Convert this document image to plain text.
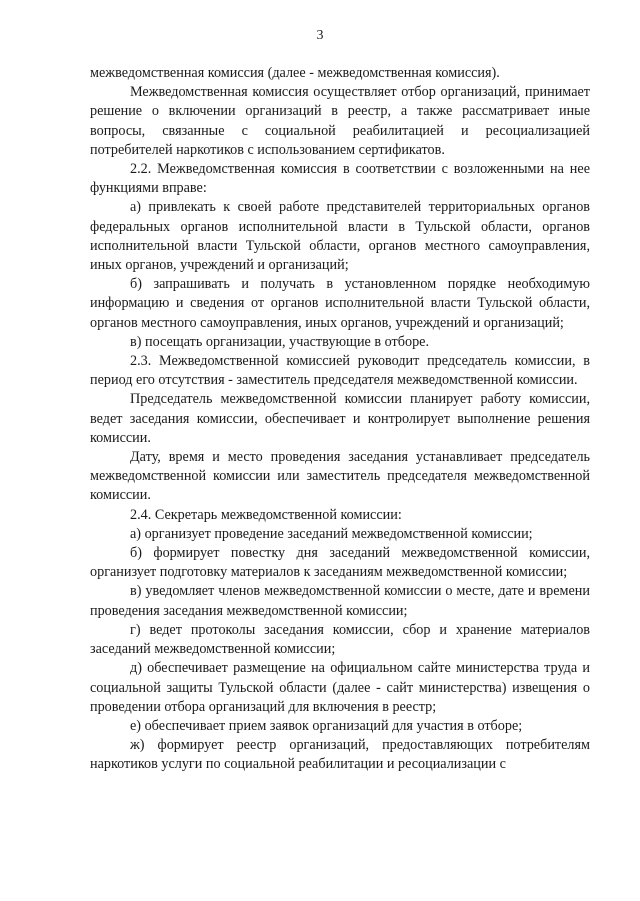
3

межведомственная комиссия (далее - межведомственная комиссия).

Межведомственная комиссия осуществляет отбор организаций, принимает решение о включении организаций в реестр, а также рассматривает иные вопросы, связанные с социальной реабилитацией и ресоциализацией потребителей наркотиков с использованием сертификатов.

2.2. Межведомственная комиссия в соответствии с возложенными на нее функциями вправе:

а) привлекать к своей работе представителей территориальных органов федеральных органов исполнительной власти в Тульской области, органов исполнительной власти Тульской области, органов местного самоуправления, иных органов, учреждений и организаций;

б) запрашивать и получать в установленном порядке необходимую информацию и сведения от органов исполнительной власти Тульской области, органов местного самоуправления, иных органов, учреждений и организаций;

в) посещать организации, участвующие в отборе.

2.3. Межведомственной комиссией руководит председатель комиссии, в период его отсутствия - заместитель председателя межведомственной комиссии.

Председатель межведомственной комиссии планирует работу комиссии, ведет заседания комиссии, обеспечивает и контролирует выполнение решения комиссии.

Дату, время и место проведения заседания устанавливает председатель межведомственной комиссии или заместитель председателя межведомственной комиссии.

2.4. Секретарь межведомственной комиссии:

а) организует проведение заседаний межведомственной комиссии;

б) формирует повестку дня заседаний межведомственной комиссии, организует подготовку материалов к заседаниям межведомственной комиссии;

в) уведомляет членов межведомственной комиссии о месте, дате и времени проведения заседания межведомственной комиссии;

г) ведет протоколы заседания комиссии, сбор и хранение материалов заседаний межведомственной комиссии;

д) обеспечивает размещение на официальном сайте министерства труда и социальной защиты Тульской области (далее - сайт министерства) извещения о проведении отбора организаций для включения в реестр;

е) обеспечивает прием заявок организаций для участия в отборе;

ж) формирует реестр организаций, предоставляющих потребителям наркотиков услуги по социальной реабилитации и ресоциализации с
